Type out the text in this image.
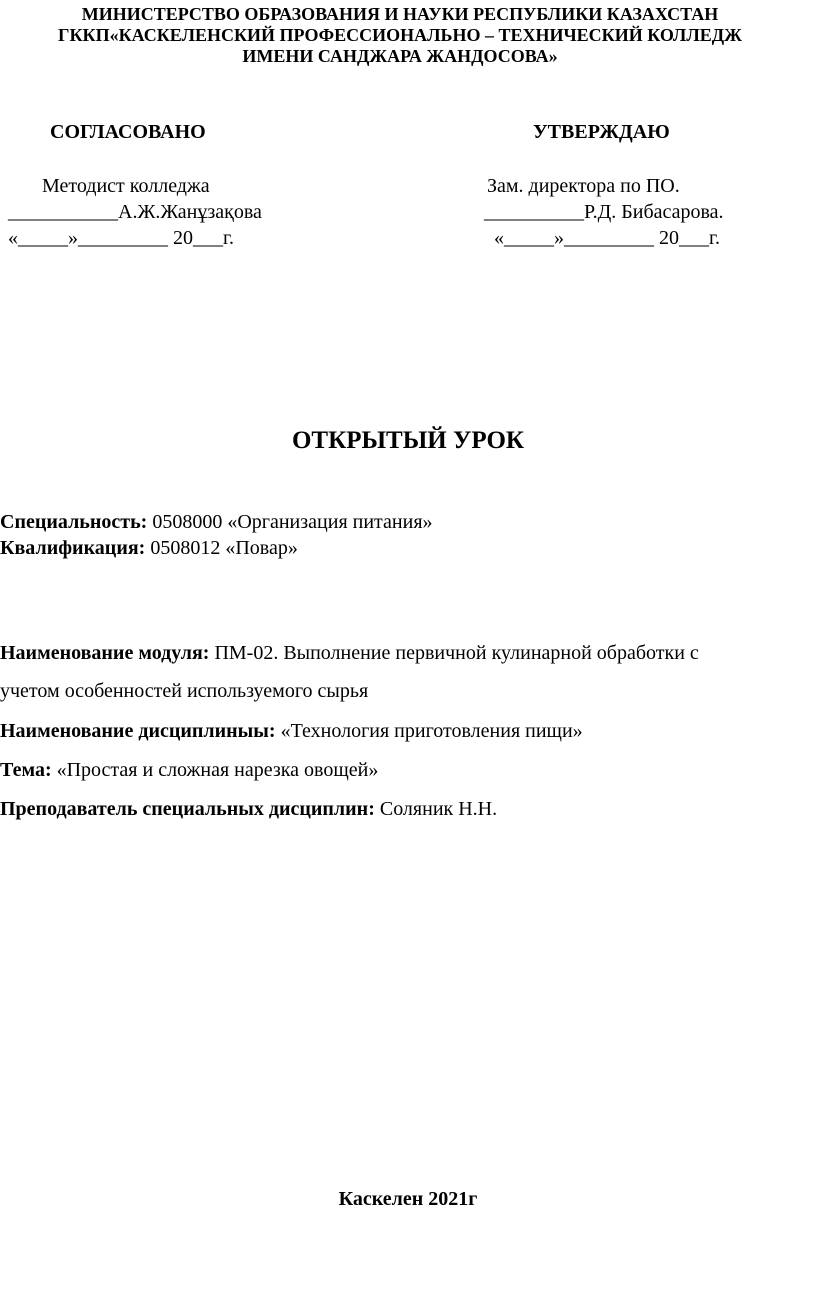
МИНИСТЕРСТВО ОБРАЗОВАНИЯ И НАУКИ РЕСПУБЛИКИ КАЗАХСТАН
ГККП«КАСКЕЛЕНСКИЙ ПРОФЕССИОНАЛЬНО – ТЕХНИЧЕСКИЙ КОЛЛЕДЖ
ИМЕНИ САНДЖАРА ЖАНДОСОВА»
СОГЛАСОВАНО
Методист колледжа
___________А.Ж.Жанұзақова
«_____»_________ 20___г.
УТВЕРЖДАЮ
Зам. директора по ПО.
__________Р.Д. Бибасарова.
«_____»_________ 20___г.
ОТКРЫТЫЙ УРОК
Специальность: 0508000 «Организация питания»
Квалификация: 0508012 «Повар»
Наименование модуля: ПМ-02. Выполнение первичной кулинарной обработки с
учетом особенностей используемого сырья
Наименование дисциплиныы: «Технология приготовления пищи»
Тема: «Простая и сложная нарезка овощей»
Преподаватель специальных дисциплин: Соляник Н.Н.
Каскелен 2021г
